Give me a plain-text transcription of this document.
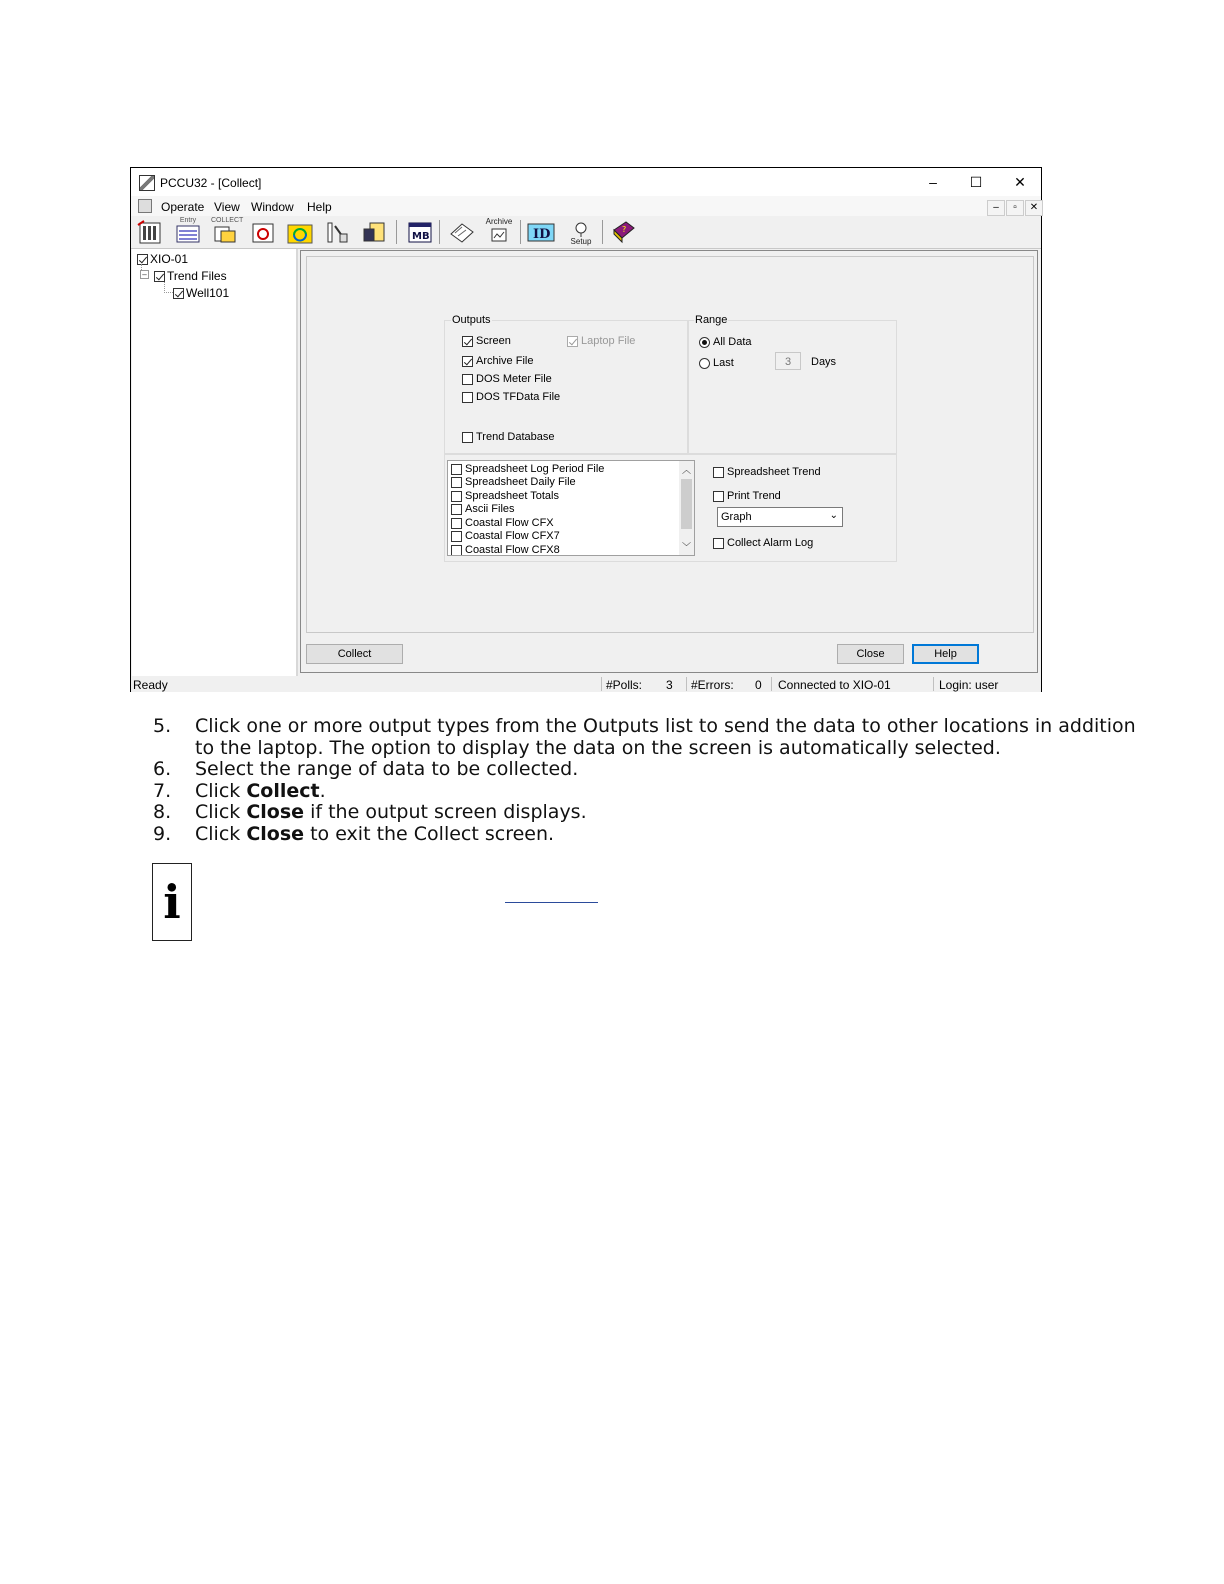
PCCU32 - [Collect]	–	☐	✕
Operate View Window Help	–	▫	✕
Entry	COLLECT
MB
Archive
ID	Setup
?
XIO-01
–	Trend Files
Well101
Outputs
Screen	Laptop File
Archive File
DOS Meter File
DOS TFData File
Trend Database
Range
All Data
Last	3	Days
Spreadsheet Log Period File
Spreadsheet Daily File
Spreadsheet Totals
Ascii Files
Coastal Flow CFX
Coastal Flow CFX7
Coastal Flow CFX8
︿
﹀
Spreadsheet Trend
Print Trend
Graph	⌄
Collect Alarm Log
Collect	Close	Help
Ready	#Polls: 3 #Errors: 0 Connected to XIO-01	Login: user
5. Click one or more output types from the Outputs list to send the data to other locations in addition to the laptop. The option to display the data on the screen is automatically selected.
6. Select the range of data to be collected.
7. Click Collect.
8. Click Close if the output screen displays.
9. Click Close to exit the Collect screen.
i
